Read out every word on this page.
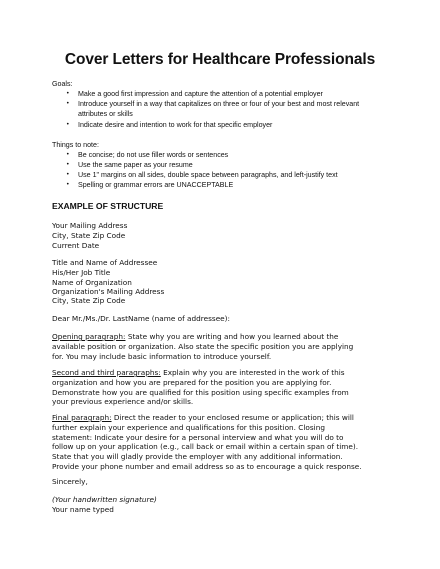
Cover Letters for Healthcare Professionals
Goals:
• Make a good first impression and capture the attention of a potential employer
• Introduce yourself in a way that capitalizes on three or four of your best and most relevant attributes or skills
• Indicate desire and intention to work for that specific employer
Things to note:
• Be concise; do not use filler words or sentences
• Use the same paper as your resume
• Use 1" margins on all sides, double space between paragraphs, and left-justify text
• Spelling or grammar errors are UNACCEPTABLE
EXAMPLE OF STRUCTURE
Your Mailing Address
City, State Zip Code
Current Date
Title and Name of Addressee
His/Her Job Title
Name of Organization
Organization's Mailing Address
City, State Zip Code
Dear Mr./Ms./Dr. LastName (name of addressee):
Opening paragraph: State why you are writing and how you learned about the
available position or organization. Also state the specific position you are applying
for. You may include basic information to introduce yourself.
Second and third paragraphs: Explain why you are interested in the work of this
organization and how you are prepared for the position you are applying for.
Demonstrate how you are qualified for this position using specific examples from
your previous experience and/or skills.
Final paragraph: Direct the reader to your enclosed resume or application; this will
further explain your experience and qualifications for this position. Closing
statement: Indicate your desire for a personal interview and what you will do to
follow up on your application (e.g., call back or email within a certain span of time).
State that you will gladly provide the employer with any additional information.
Provide your phone number and email address so as to encourage a quick response.
Sincerely,
(Your handwritten signature)
Your name typed
